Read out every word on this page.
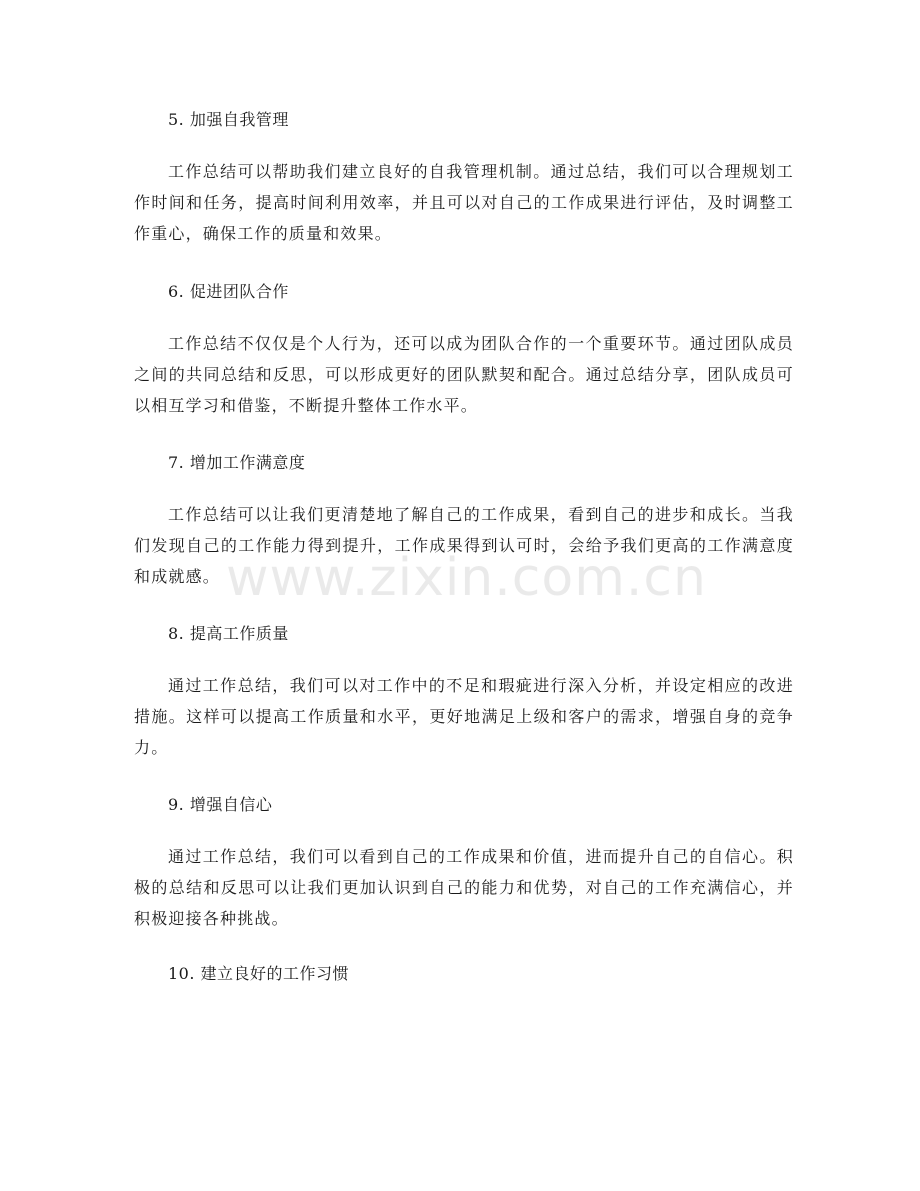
www.zixin.com.cn
5. 加强自我管理

工作总结可以帮助我们建立良好的自我管理机制。通过总结，我们可以合理规划工作时间和任务，提高时间利用效率，并且可以对自己的工作成果进行评估，及时调整工作重心，确保工作的质量和效果。

6. 促进团队合作

工作总结不仅仅是个人行为，还可以成为团队合作的一个重要环节。通过团队成员之间的共同总结和反思，可以形成更好的团队默契和配合。通过总结分享，团队成员可以相互学习和借鉴，不断提升整体工作水平。

7. 增加工作满意度

工作总结可以让我们更清楚地了解自己的工作成果，看到自己的进步和成长。当我们发现自己的工作能力得到提升，工作成果得到认可时，会给予我们更高的工作满意度和成就感。

8. 提高工作质量

通过工作总结，我们可以对工作中的不足和瑕疵进行深入分析，并设定相应的改进措施。这样可以提高工作质量和水平，更好地满足上级和客户的需求，增强自身的竞争力。

9. 增强自信心

通过工作总结，我们可以看到自己的工作成果和价值，进而提升自己的自信心。积极的总结和反思可以让我们更加认识到自己的能力和优势，对自己的工作充满信心，并积极迎接各种挑战。

10. 建立良好的工作习惯
